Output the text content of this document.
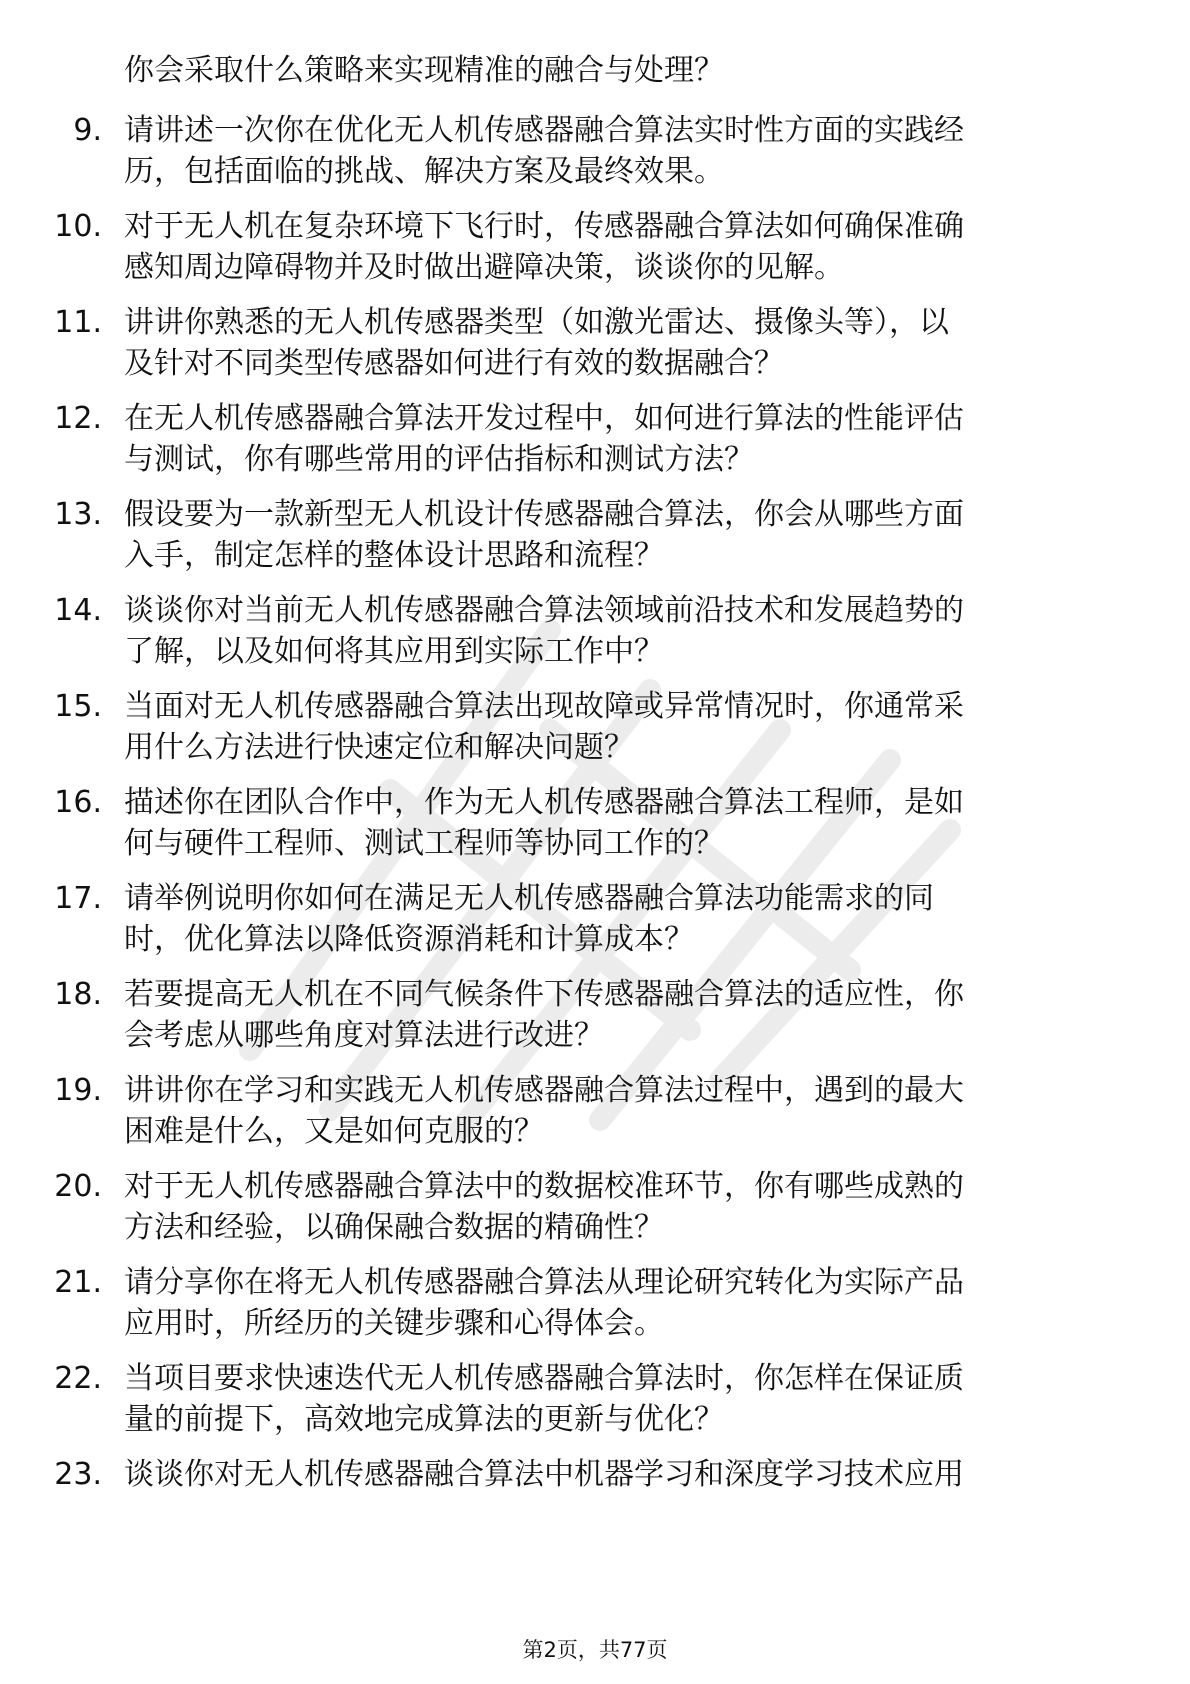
你会采取什么策略来实现精准的融合与处理？
9. 请讲述一次你在优化无人机传感器融合算法实时性方面的实践经
历，包括面临的挑战、解决方案及最终效果。
10. 对于无人机在复杂环境下飞行时，传感器融合算法如何确保准确
感知周边障碍物并及时做出避障决策，谈谈你的见解。
11. 讲讲你熟悉的无人机传感器类型（如激光雷达、摄像头等），以
及针对不同类型传感器如何进行有效的数据融合？
12. 在无人机传感器融合算法开发过程中，如何进行算法的性能评估
与测试，你有哪些常用的评估指标和测试方法？
13. 假设要为一款新型无人机设计传感器融合算法，你会从哪些方面
入手，制定怎样的整体设计思路和流程？
14. 谈谈你对当前无人机传感器融合算法领域前沿技术和发展趋势的
了解，以及如何将其应用到实际工作中？
15. 当面对无人机传感器融合算法出现故障或异常情况时，你通常采
用什么方法进行快速定位和解决问题？
16. 描述你在团队合作中，作为无人机传感器融合算法工程师，是如
何与硬件工程师、测试工程师等协同工作的？
17. 请举例说明你如何在满足无人机传感器融合算法功能需求的同
时，优化算法以降低资源消耗和计算成本？
18. 若要提高无人机在不同气候条件下传感器融合算法的适应性，你
会考虑从哪些角度对算法进行改进？
19. 讲讲你在学习和实践无人机传感器融合算法过程中，遇到的最大
困难是什么，又是如何克服的？
20. 对于无人机传感器融合算法中的数据校准环节，你有哪些成熟的
方法和经验，以确保融合数据的精确性？
21. 请分享你在将无人机传感器融合算法从理论研究转化为实际产品
应用时，所经历的关键步骤和心得体会。
22. 当项目要求快速迭代无人机传感器融合算法时，你怎样在保证质
量的前提下，高效地完成算法的更新与优化？
23. 谈谈你对无人机传感器融合算法中机器学习和深度学习技术应用
第2页，共77页
